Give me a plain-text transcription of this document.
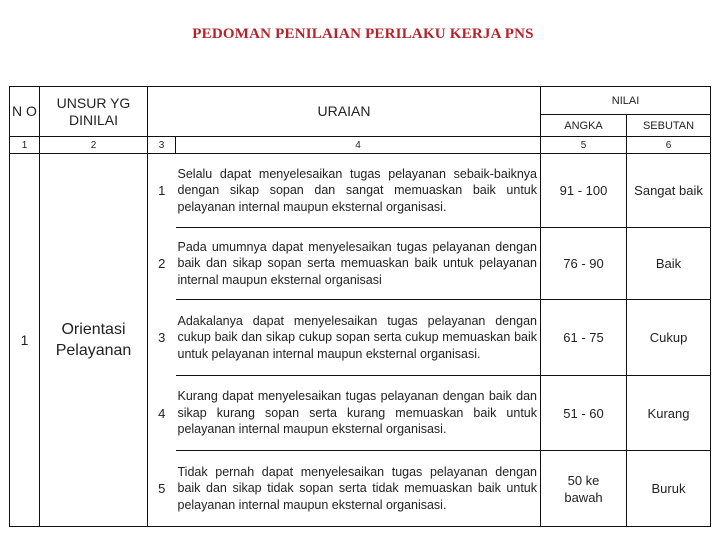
PEDOMAN PENILAIAN PERILAKU KERJA PNS
N O	UNSUR YG DINILAI	URAIAN		NILAI	
				ANGKA	SEBUTAN
1	2	3	4	5	6
1	Orientasi Pelayanan	1	Selalu dapat menyelesaikan tugas pelayanan sebaik-baiknya dengan sikap sopan dan sangat memuaskan baik untuk pelayanan internal maupun eksternal organisasi.	91 - 100	Sangat baik
		2	Pada umumnya dapat menyelesaikan tugas pelayanan dengan baik dan sikap sopan serta memuaskan baik untuk pelayanan internal maupun eksternal organisasi	76 - 90	Baik
		3	Adakalanya dapat menyelesaikan tugas pelayanan dengan cukup baik dan sikap cukup sopan serta cukup memuaskan baik untuk pelayanan internal maupun eksternal organisasi.	61 - 75	Cukup
		4	Kurang dapat menyelesaikan tugas pelayanan dengan baik dan sikap kurang sopan serta kurang memuaskan baik untuk pelayanan internal maupun eksternal organisasi.	51 - 60	Kurang
		5	Tidak pernah dapat menyelesaikan tugas pelayanan dengan baik dan sikap tidak sopan serta tidak memuaskan baik untuk pelayanan internal maupun eksternal organisasi.	50 ke bawah	Buruk
